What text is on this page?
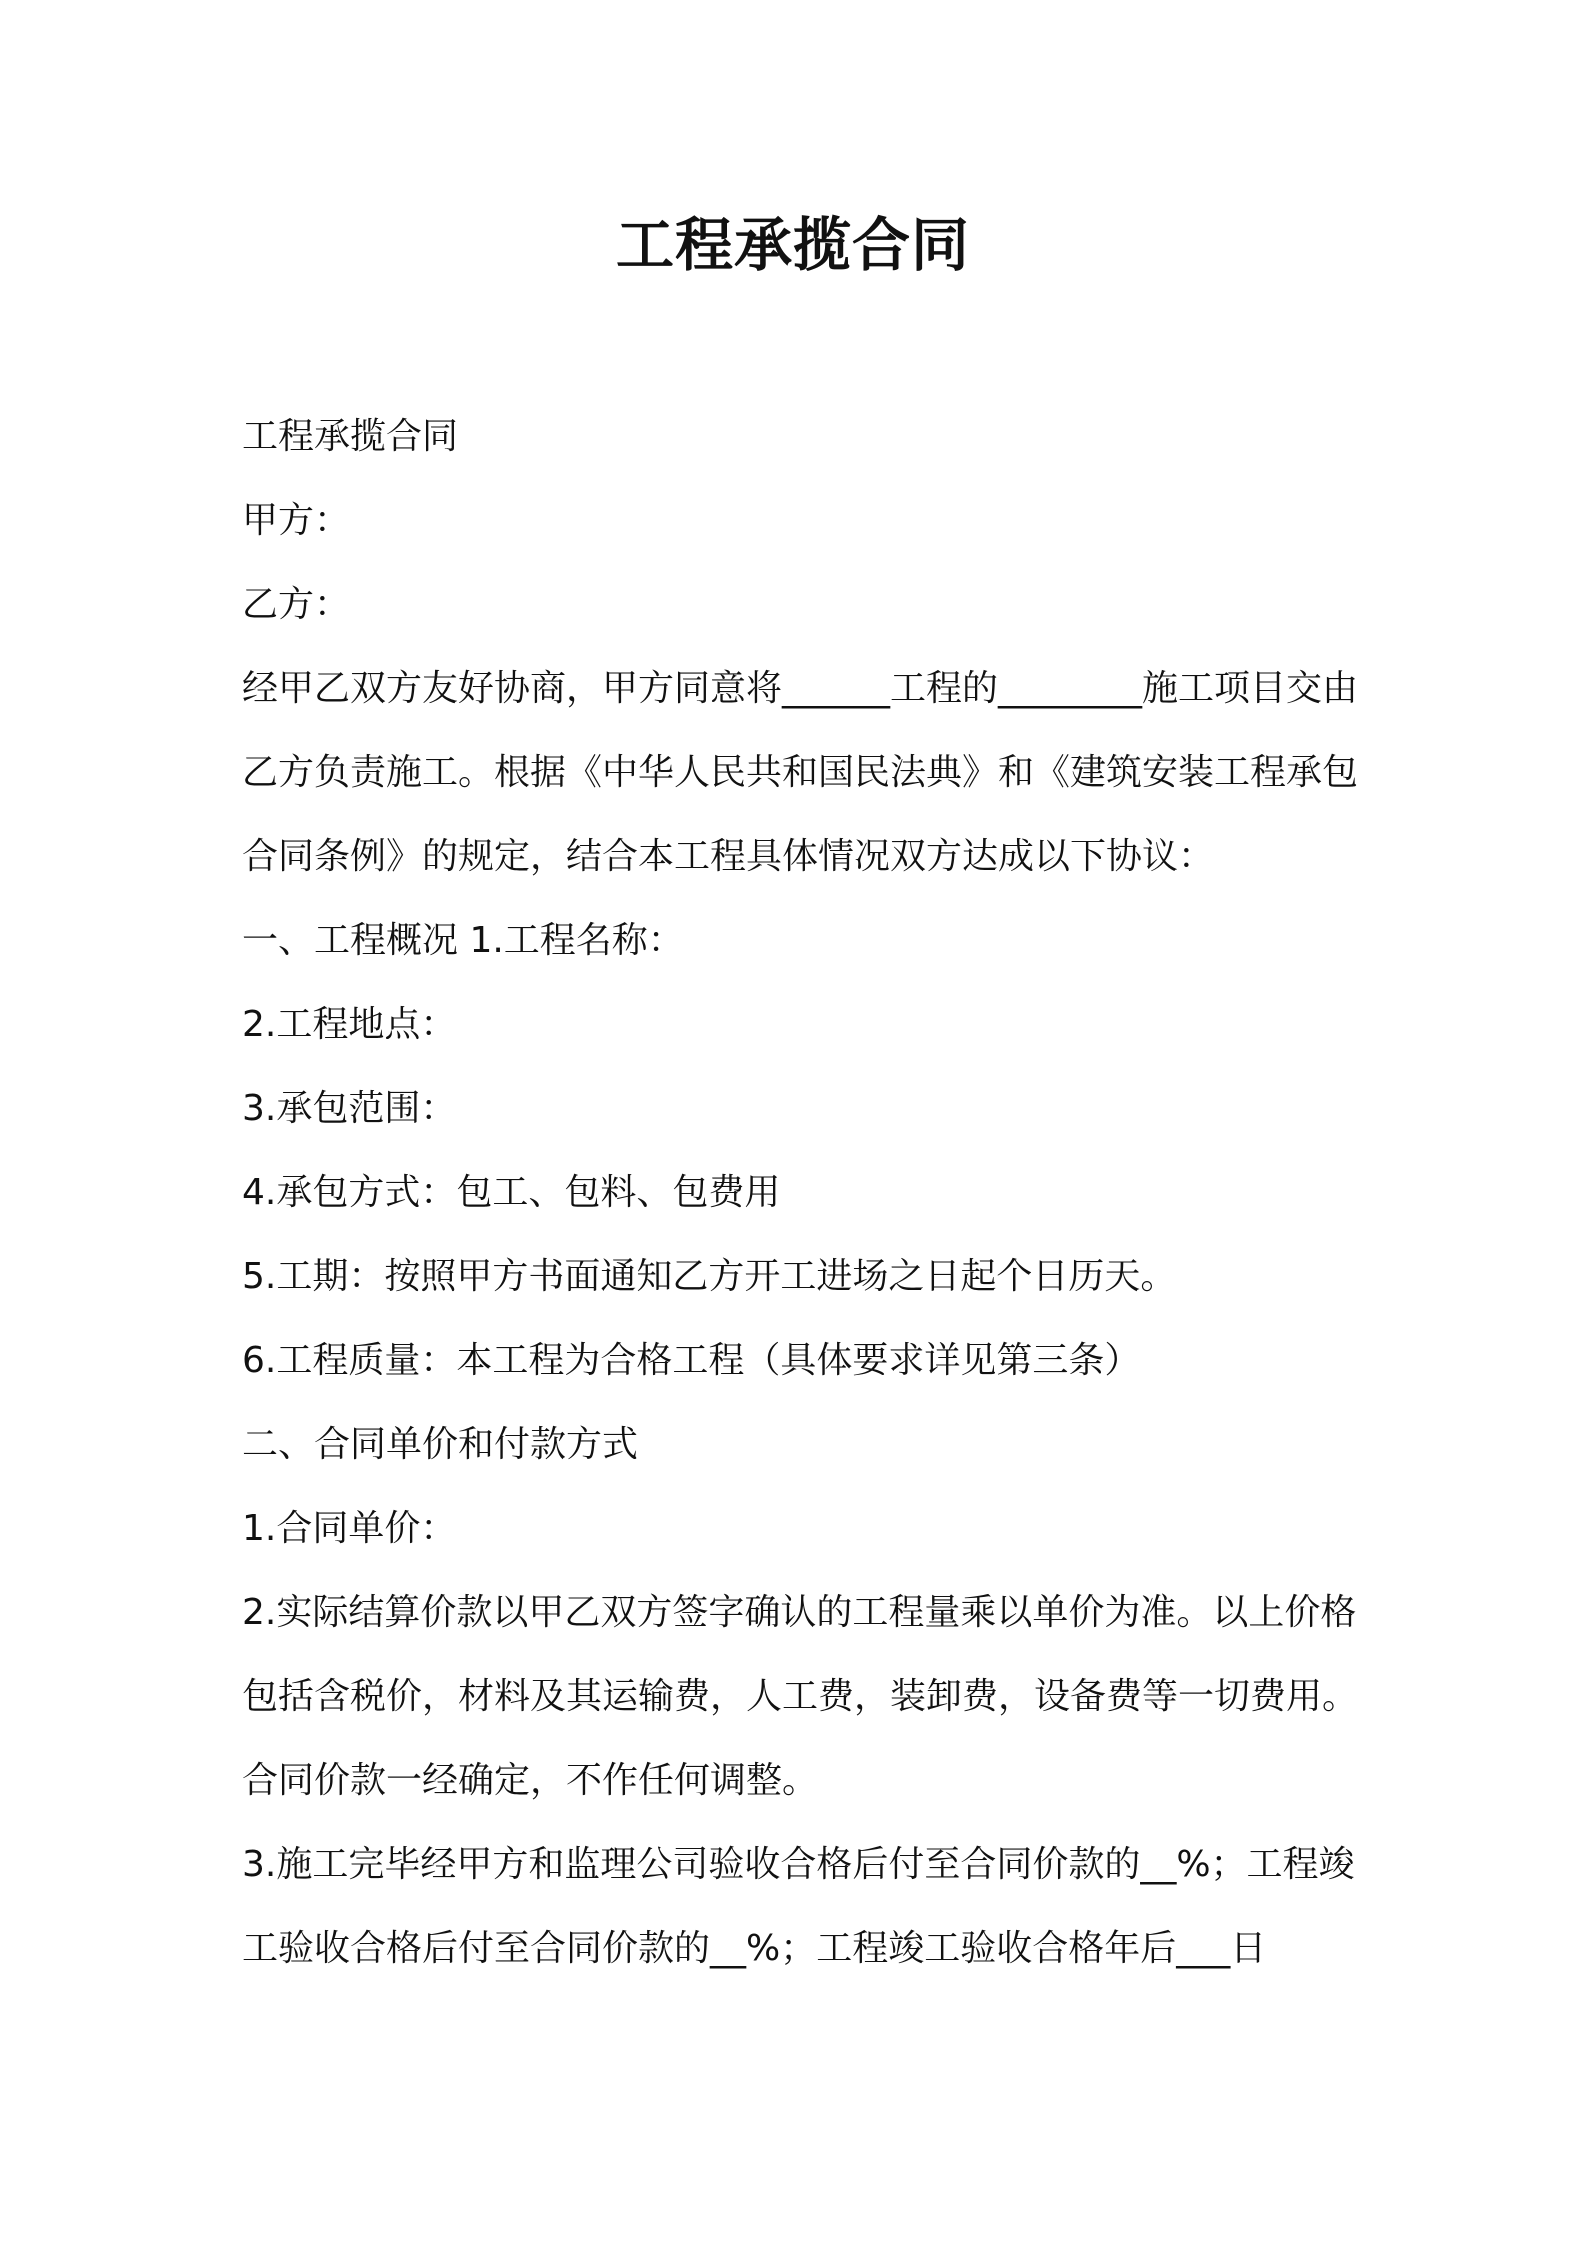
工程承揽合同

工程承揽合同

甲方：

乙方：

经甲乙双方友好协商，甲方同意将______工程的________施工项目交由乙方负责施工。根据《中华人民共和国民法典》和《建筑安装工程承包合同条例》的规定，结合本工程具体情况双方达成以下协议：

一、工程概况 1.工程名称：

2.工程地点：

3.承包范围：

4.承包方式：包工、包料、包费用

5.工期：按照甲方书面通知乙方开工进场之日起个日历天。

6.工程质量：本工程为合格工程（具体要求详见第三条）

二、合同单价和付款方式

1.合同单价：

2.实际结算价款以甲乙双方签字确认的工程量乘以单价为准。以上价格包括含税价，材料及其运输费，人工费，装卸费，设备费等一切费用。合同价款一经确定，不作任何调整。

3.施工完毕经甲方和监理公司验收合格后付至合同价款的__%；工程竣工验收合格后付至合同价款的__%；工程竣工验收合格年后___日
